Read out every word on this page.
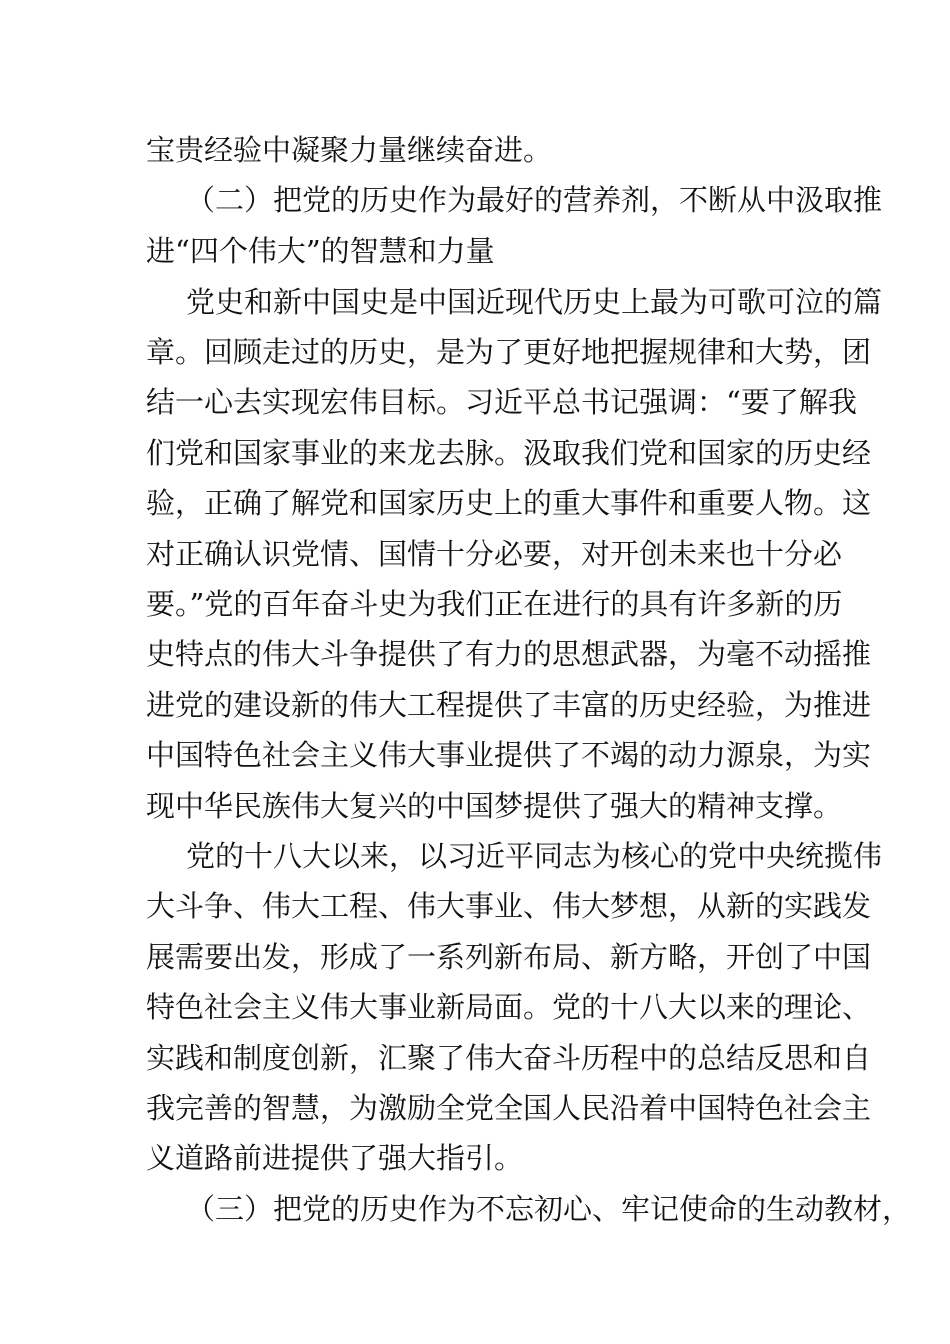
宝贵经验中凝聚力量继续奋进。
（二）把党的历史作为最好的营养剂，不断从中汲取推
进“四个伟大”的智慧和力量
党史和新中国史是中国近现代历史上最为可歌可泣的篇
章。回顾走过的历史，是为了更好地把握规律和大势，团
结一心去实现宏伟目标。习近平总书记强调：“要了解我
们党和国家事业的来龙去脉。汲取我们党和国家的历史经
验，正确了解党和国家历史上的重大事件和重要人物。这
对正确认识党情、国情十分必要，对开创未来也十分必
要。”党的百年奋斗史为我们正在进行的具有许多新的历
史特点的伟大斗争提供了有力的思想武器，为毫不动摇推
进党的建设新的伟大工程提供了丰富的历史经验，为推进
中国特色社会主义伟大事业提供了不竭的动力源泉，为实
现中华民族伟大复兴的中国梦提供了强大的精神支撑。
党的十八大以来，以习近平同志为核心的党中央统揽伟
大斗争、伟大工程、伟大事业、伟大梦想，从新的实践发
展需要出发，形成了一系列新布局、新方略，开创了中国
特色社会主义伟大事业新局面。党的十八大以来的理论、
实践和制度创新，汇聚了伟大奋斗历程中的总结反思和自
我完善的智慧，为激励全党全国人民沿着中国特色社会主
义道路前进提供了强大指引。
（三）把党的历史作为不忘初心、牢记使命的生动教材，
